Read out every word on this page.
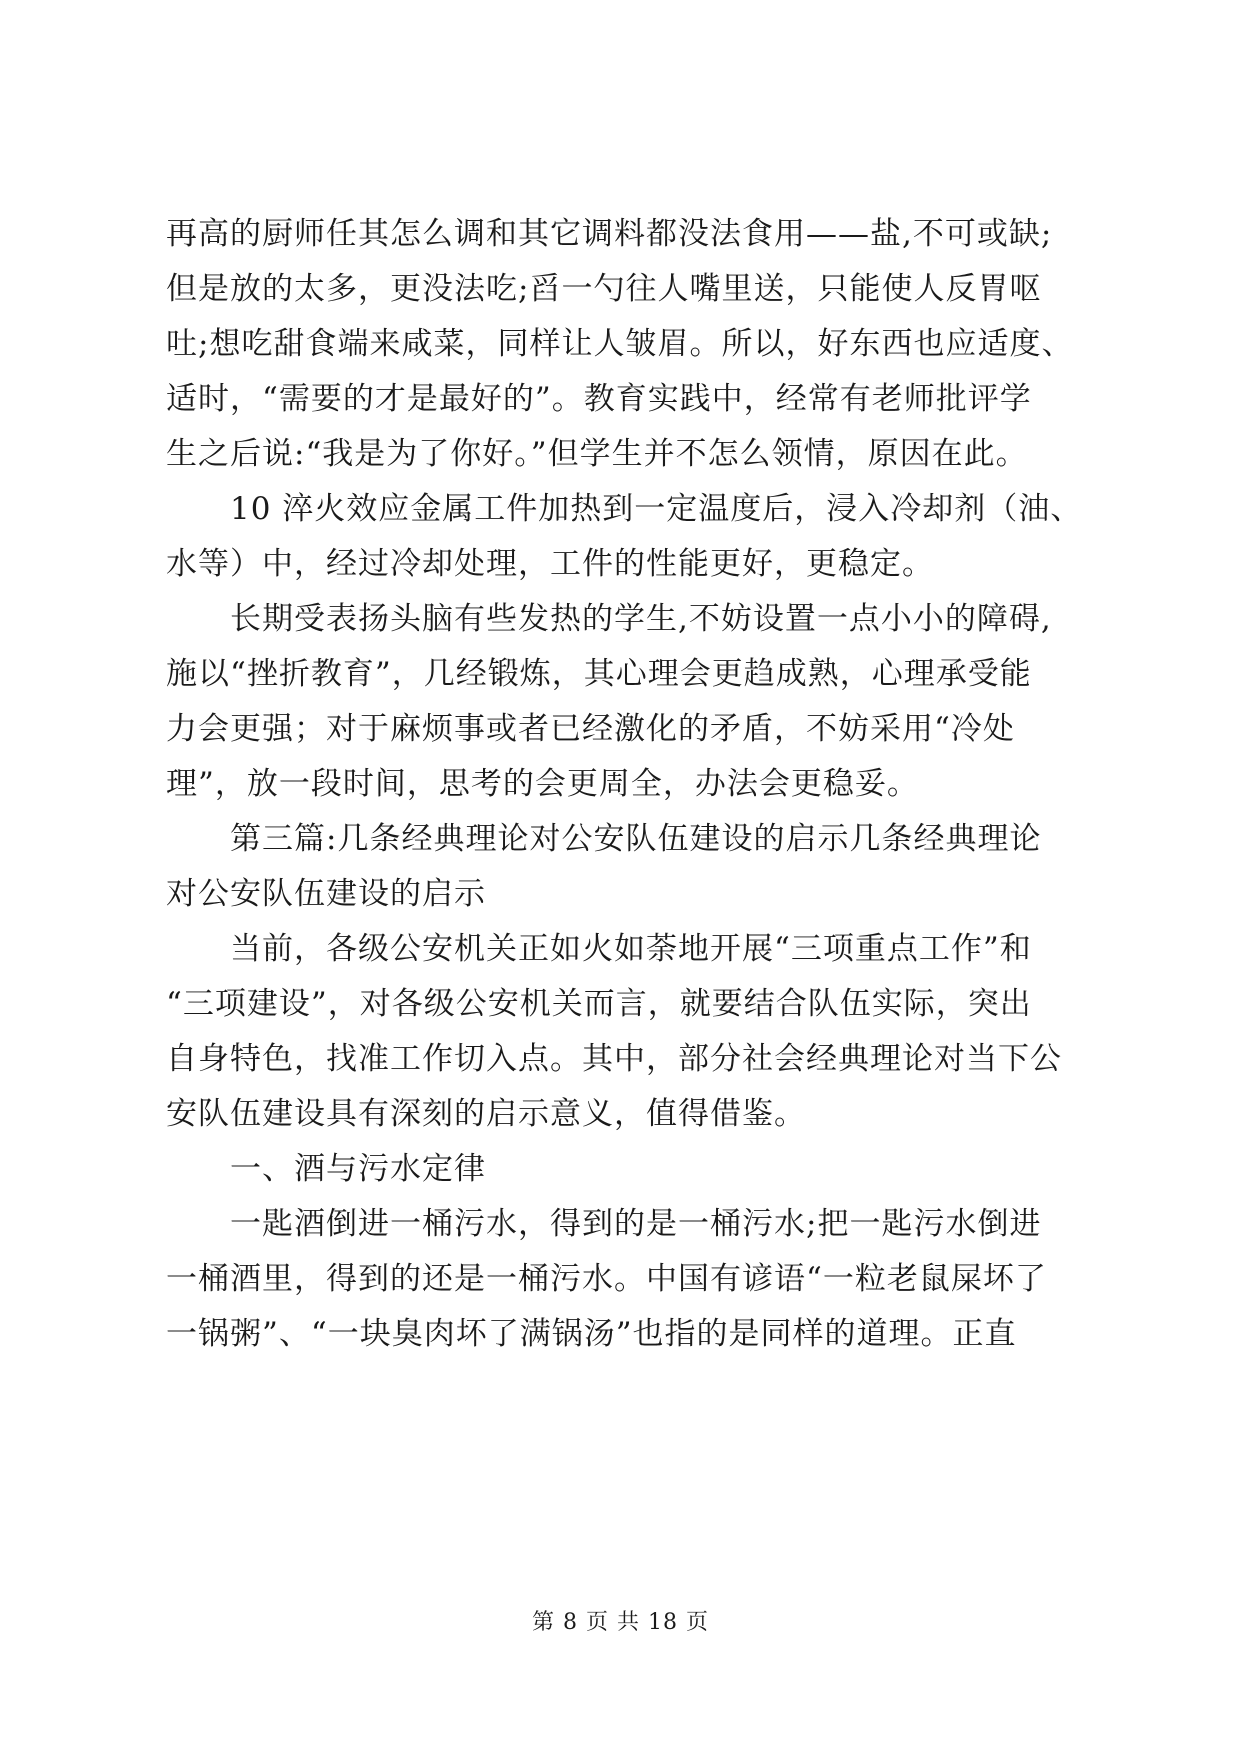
再高的厨师任其怎么调和其它调料都没法食用——盐,不可或缺;
但是放的太多，更没法吃;舀一勺往人嘴里送，只能使人反胃呕
吐;想吃甜食端来咸菜，同样让人皱眉。所以，好东西也应适度、
适时，“需要的才是最好的”。教育实践中，经常有老师批评学
生之后说:“我是为了你好。”但学生并不怎么领情，原因在此。
　　10 淬火效应金属工件加热到一定温度后，浸入冷却剂（油、
水等）中，经过冷却处理，工件的性能更好，更稳定。
　　长期受表扬头脑有些发热的学生,不妨设置一点小小的障碍,
施以“挫折教育”，几经锻炼，其心理会更趋成熟，心理承受能
力会更强；对于麻烦事或者已经激化的矛盾，不妨采用“冷处
理”，放一段时间，思考的会更周全，办法会更稳妥。
　　第三篇:几条经典理论对公安队伍建设的启示几条经典理论
对公安队伍建设的启示
　　当前，各级公安机关正如火如荼地开展“三项重点工作”和
“三项建设”，对各级公安机关而言，就要结合队伍实际，突出
自身特色，找准工作切入点。其中，部分社会经典理论对当下公
安队伍建设具有深刻的启示意义，值得借鉴。
　　一、酒与污水定律
　　一匙酒倒进一桶污水，得到的是一桶污水;把一匙污水倒进
一桶酒里，得到的还是一桶污水。中国有谚语“一粒老鼠屎坏了
一锅粥”、“一块臭肉坏了满锅汤”也指的是同样的道理。正直
第 8 页 共 18 页
